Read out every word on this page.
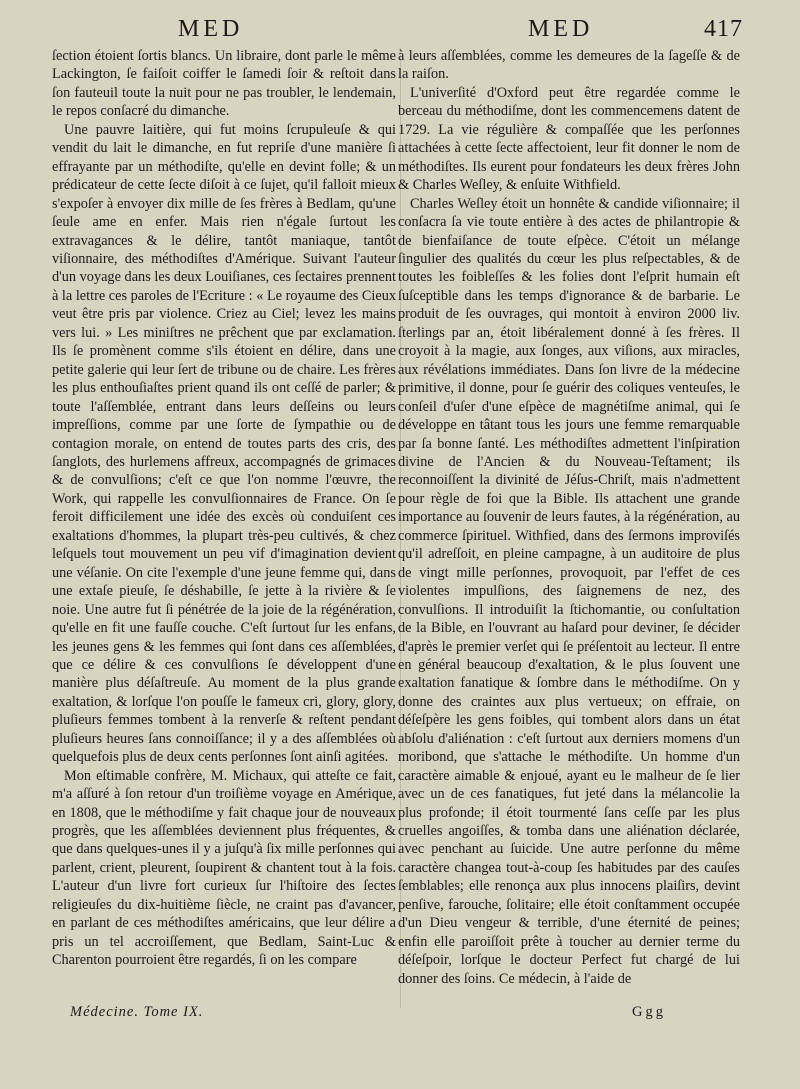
MED	MED	417

ſection étoient ſortis blancs. Un libraire, dont parle le même Lackington, ſe faiſoit coiffer le ſamedi ſoir & reſtoit dans ſon fauteuil toute la nuit pour ne pas troubler, le lendemain, le repos conſacré du dimanche.

Une pauvre laitière, qui fut moins ſcrupuleuſe & qui vendit du lait le dimanche, en fut repriſe d'une manière ſi effrayante par un méthodiſte, qu'elle en devint folle; & un prédicateur de cette ſecte diſoit à ce ſujet, qu'il falloit mieux s'expoſer à envoyer dix mille de ſes frères à Bedlam, qu'une ſeule ame en enfer. Mais rien n'égale ſurtout les extravagances & le délire, tantôt maniaque, tantôt viſionnaire, des méthodiſtes d'Amérique. Suivant l'auteur d'un voyage dans les deux Louiſianes, ces ſectaires prennent à la lettre ces paroles de l'Ecriture : « Le royaume des Cieux veut être pris par violence. Criez au Ciel; levez les mains vers lui. » Les miniſtres ne prêchent que par exclamation. Ils ſe promènent comme s'ils étoient en délire, dans une petite galerie qui leur ſert de tribune ou de chaire. Les frères les plus enthouſiaſtes prient quand ils ont ceſſé de parler; & toute l'aſſemblée, entrant dans leurs deſſeins ou leurs impreſſions, comme par une ſorte de ſympathie ou de contagion morale, on entend de toutes parts des cris, des ſanglots, des hurlemens affreux, accompagnés de grimaces & de convulſions; c'eſt ce que l'on nomme l'œuvre, the Work, qui rappelle les convulſionnaires de France. On ſe feroit difficilement une idée des excès où conduiſent ces exaltations d'hommes, la plupart très-peu cultivés, & chez leſquels tout mouvement un peu vif d'imagination devient une véſanie. On cite l'exemple d'une jeune femme qui, dans une extaſe pieuſe, ſe déshabille, ſe jette à la rivière & ſe noie. Une autre fut ſi pénétrée de la joie de la régénération, qu'elle en fit une fauſſe couche. C'eſt ſurtout ſur les enfans, les jeunes gens & les femmes qui ſont dans ces aſſemblées, que ce délire & ces convulſions ſe développent d'une manière plus déſaſtreuſe. Au moment de la plus grande exaltation, & lorſque l'on pouſſe le fameux cri, glory, glory, pluſieurs femmes tombent à la renverſe & reſtent pendant pluſieurs heures ſans connoiſſance; il y a des aſſemblées où quelquefois plus de deux cents perſonnes ſont ainſi agitées.

Mon eſtimable confrère, M. Michaux, qui atteſte ce fait, m'a aſſuré à ſon retour d'un troiſième voyage en Amérique, en 1808, que le méthodiſme y fait chaque jour de nouveaux progrès, que les aſſemblées deviennent plus fréquentes, & que dans quelques-unes il y a juſqu'à ſix mille perſonnes qui parlent, crient, pleurent, ſoupirent & chantent tout à la fois. L'auteur d'un livre fort curieux ſur l'hiſtoire des ſectes religieuſes du dix-huitième ſiècle, ne craint pas d'avancer, en parlant de ces méthodiſtes américains, que leur délire a pris un tel accroiſſement, que Bedlam, Saint-Luc & Charenton pourroient être regardés, ſi on les compare

à leurs aſſemblées, comme les demeures de la ſageſſe & de la raiſon.

L'univerſité d'Oxford peut être regardée comme le berceau du méthodiſme, dont les commencemens datent de 1729. La vie régulière & compaſſée que les perſonnes attachées à cette ſecte affectoient, leur fit donner le nom de méthodiſtes. Ils eurent pour fondateurs les deux frères John & Charles Weſley, & enſuite Withfield.

Charles Weſley étoit un honnête & candide viſionnaire; il conſacra ſa vie toute entière à des actes de philantropie & de bienfaiſance de toute eſpèce. C'étoit un mélange ſingulier des qualités du cœur les plus reſpectables, & de toutes les foibleſſes & les folies dont l'eſprit humain eſt ſuſceptible dans les temps d'ignorance & de barbarie. Le produit de ſes ouvrages, qui montoit à environ 2000 liv. ſterlings par an, étoit libéralement donné à ſes frères. Il croyoit à la magie, aux ſonges, aux viſions, aux miracles, aux révélations immédiates. Dans ſon livre de la médecine primitive, il donne, pour ſe guérir des coliques venteuſes, le conſeil d'uſer d'une eſpèce de magnétiſme animal, qui ſe développe en tâtant tous les jours une femme remarquable par ſa bonne ſanté. Les méthodiſtes admettent l'inſpiration divine de l'Ancien & du Nouveau-Teſtament; ils reconnoiſſent la divinité de Jéſus-Chriſt, mais n'admettent pour règle de foi que la Bible. Ils attachent une grande importance au ſouvenir de leurs fautes, à la régénération, au commerce ſpirituel. Withfied, dans des ſermons improviſés qu'il adreſſoit, en pleine campagne, à un auditoire de plus de vingt mille perſonnes, provoquoit, par l'effet de ces violentes impulſions, des ſaignemens de nez, des convulſions. Il introduiſit la ſtichomantie, ou conſultation de la Bible, en l'ouvrant au haſard pour deviner, ſe décider d'après le premier verſet qui ſe préſentoit au lecteur. Il entre en général beaucoup d'exaltation, & le plus ſouvent une exaltation fanatique & ſombre dans le méthodiſme. On y donne des craintes aux plus vertueux; on effraie, on déſeſpère les gens foibles, qui tombent alors dans un état abſolu d'aliénation : c'eſt ſurtout aux derniers momens d'un moribond, que s'attache le méthodiſte. Un homme d'un caractère aimable & enjoué, ayant eu le malheur de ſe lier avec un de ces fanatiques, fut jeté dans la mélancolie la plus profonde; il étoit tourmenté ſans ceſſe par les plus cruelles angoiſſes, & tomba dans une aliénation déclarée, avec penchant au ſuicide. Une autre perſonne du même caractère changea tout-à-coup ſes habitudes par des cauſes ſemblables; elle renonça aux plus innocens plaiſirs, devint penſive, farouche, ſolitaire; elle étoit conſtamment occupée d'un Dieu vengeur & terrible, d'une éternité de peines; enfin elle paroiſſoit prête à toucher au dernier terme du déſeſpoir, lorſque le docteur Perfect fut chargé de lui donner des ſoins. Ce médecin, à l'aide de

Médecine. Tome IX.	Ggg
